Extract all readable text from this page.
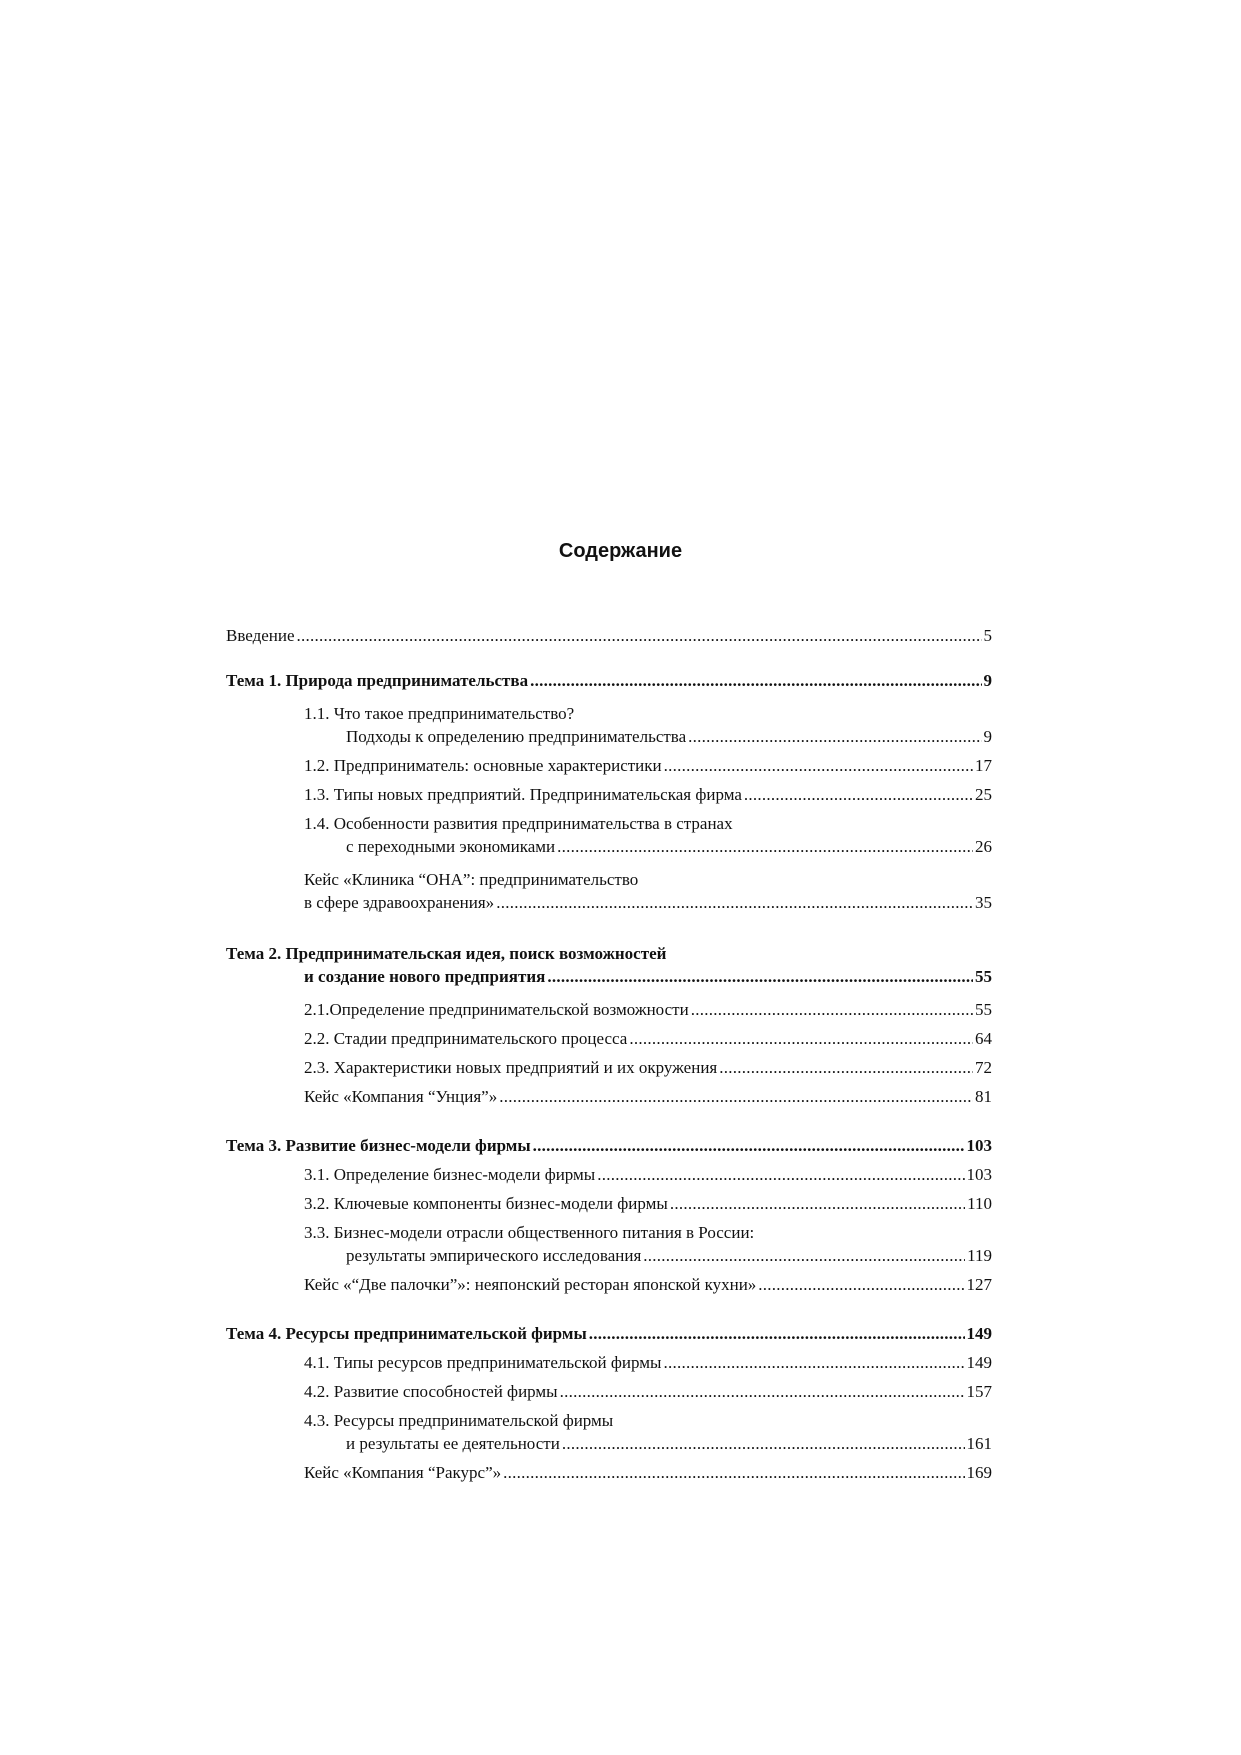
Содержание
Введение . . .	5
Тема 1. Природа предпринимательства . . .	9
1.1. Что такое предпринимательство?
Подходы к определению предпринимательства . . .	9
1.2. Предприниматель: основные характеристики . . .	17
1.3. Типы новых предприятий. Предпринимательская фирма . . .	25
1.4. Особенности развития предпринимательства в странах
с переходными экономиками . . .	26
Кейс «Клиника “ОНА”: предпринимательство
в сфере здравоохранения» . . .	35
Тема 2. Предпринимательская идея, поиск возможностей
и создание нового предприятия . . .	55
2.1.Определение предпринимательской возможности . . .	55
2.2. Стадии предпринимательского процесса . . .	64
2.3. Характеристики новых предприятий и их окружения . . .	72
Кейс «Компания “Унция”» . . .	81
Тема 3. Развитие бизнес-модели фирмы . . .	103
3.1. Определение бизнес-модели фирмы . . .	103
3.2. Ключевые компоненты бизнес-модели фирмы . . .	110
3.3. Бизнес-модели отрасли общественного питания в России:
результаты эмпирического исследования . . .	119
Кейс «“Две палочки”»: неяпонский ресторан японской кухни» . . .	127
Тема 4. Ресурсы предпринимательской фирмы . . .	149
4.1. Типы ресурсов предпринимательской фирмы . . .	149
4.2. Развитие способностей фирмы . . .	157
4.3. Ресурсы предпринимательской фирмы
и результаты ее деятельности . . .	161
Кейс «Компания “Ракурс”» . . .	169
